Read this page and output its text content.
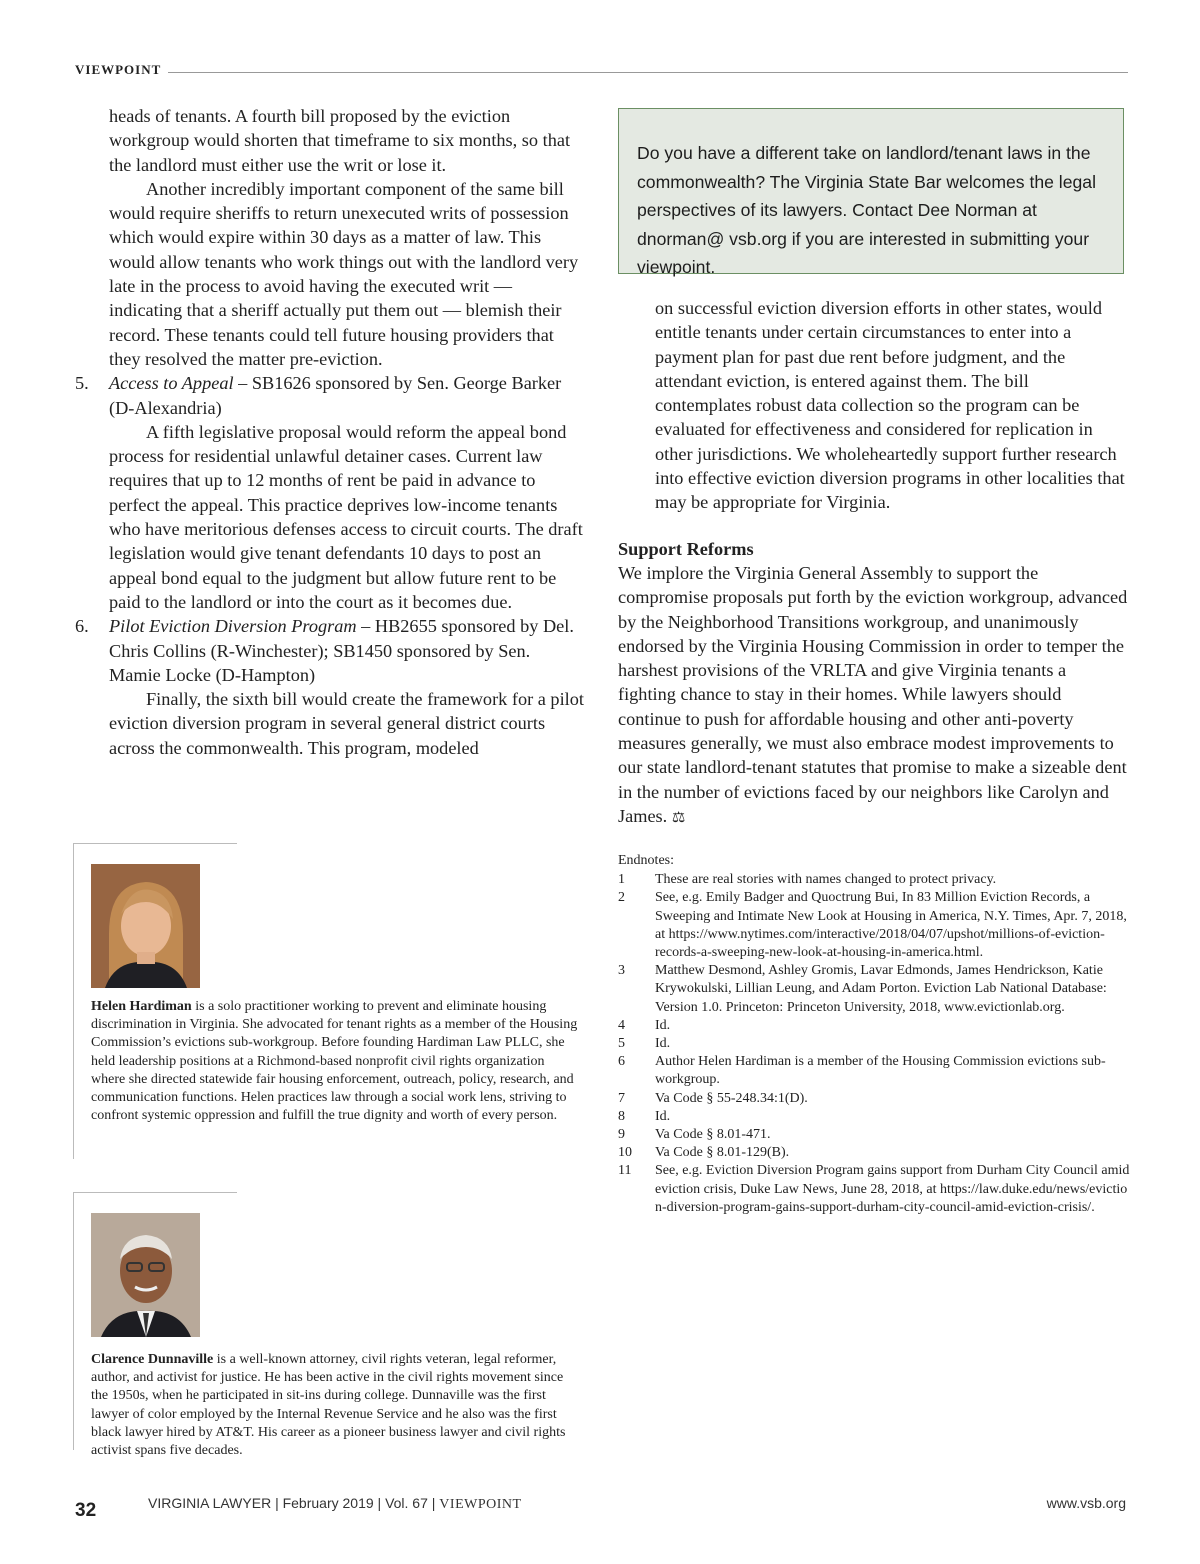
VIEWPOINT

heads of tenants. A fourth bill proposed by the eviction workgroup would shorten that timeframe to six months, so that the landlord must either use the writ or lose it.

Another incredibly important component of the same bill would require sheriffs to return unexecuted writs of possession which would expire within 30 days as a matter of law. This would allow tenants who work things out with the landlord very late in the process to avoid having the executed writ — indicating that a sheriff actually put them out — blemish their record. These tenants could tell future housing providers that they resolved the matter pre-eviction.

5.	Access to Appeal – SB1626 sponsored by Sen. George Barker (D-Alexandria)

A fifth legislative proposal would reform the appeal bond process for residential unlawful detainer cases. Current law requires that up to 12 months of rent be paid in advance to perfect the appeal. This practice deprives low-income tenants who have meritorious defenses access to circuit courts. The draft legislation would give tenant defendants 10 days to post an appeal bond equal to the judgment but allow future rent to be paid to the landlord or into the court as it becomes due.

6.	Pilot Eviction Diversion Program – HB2655 sponsored by Del. Chris Collins (R-Winchester); SB1450 sponsored by Sen. Mamie Locke (D-Hampton)

Finally, the sixth bill would create the framework for a pilot eviction diversion program in several general district courts across the commonwealth. This program, modeled

Do you have a different take on landlord/tenant laws in the commonwealth? The Virginia State Bar welcomes the legal perspectives of its lawyers. Contact Dee Norman at dnorman@ vsb.org if you are interested in submitting your viewpoint.

on successful eviction diversion efforts in other states, would entitle tenants under certain circumstances to enter into a payment plan for past due rent before judgment, and the attendant eviction, is entered against them. The bill contemplates robust data collection so the program can be evaluated for effectiveness and considered for replication in other jurisdictions. We wholeheartedly support further research into effective eviction diversion programs in other localities that may be appropriate for Virginia.

Support Reforms

We implore the Virginia General Assembly to support the compromise proposals put forth by the eviction workgroup, advanced by the Neighborhood Transitions workgroup, and unanimously endorsed by the Virginia Housing Commission in order to temper the harshest provisions of the VRLTA and give Virginia tenants a fighting chance to stay in their homes. While lawyers should continue to push for affordable housing and other anti-poverty measures generally, we must also embrace modest improvements to our state landlord-tenant statutes that promise to make a sizeable dent in the number of evictions faced by our neighbors like Carolyn and James. ⚖

Endnotes:
1	These are real stories with names changed to protect privacy.
2	See, e.g. Emily Badger and Quoctrung Bui, In 83 Million Eviction Records, a Sweeping and Intimate New Look at Housing in America, N.Y. Times, Apr. 7, 2018, at https://www.nytimes.com/interactive/2018/04/07/upshot/millions-of-eviction-records-a-sweeping-new-look-at-housing-in-america.html.
3	Matthew Desmond, Ashley Gromis, Lavar Edmonds, James Hendrickson, Katie Krywokulski, Lillian Leung, and Adam Porton. Eviction Lab National Database: Version 1.0. Princeton: Princeton University, 2018, www.evictionlab.org.
4	Id.
5	Id.
6	Author Helen Hardiman is a member of the Housing Commission evictions sub-workgroup.
7	Va Code § 55-248.34:1(D).
8	Id.
9	Va Code § 8.01-471.
10	Va Code § 8.01-129(B).
11	See, e.g. Eviction Diversion Program gains support from Durham City Council amid eviction crisis, Duke Law News, June 28, 2018, at https://law.duke.edu/news/eviction-diversion-program-gains-support-durham-city-council-amid-eviction-crisis/.
Helen Hardiman is a solo practitioner working to prevent and eliminate housing discrimination in Virginia. She advocated for tenant rights as a member of the Housing Commission’s evictions sub-workgroup. Before founding Hardiman Law PLLC, she held leadership positions at a Richmond-based nonprofit civil rights organization where she directed statewide fair housing enforcement, outreach, policy, research, and communication functions. Helen practices law through a social work lens, striving to confront systemic oppression and fulfill the true dignity and worth of every person.
Clarence Dunnaville is a well-known attorney, civil rights veteran, legal reformer, author, and activist for justice. He has been active in the civil rights movement since the 1950s, when he participated in sit-ins during college. Dunnaville was the first lawyer of color employed by the Internal Revenue Service and he also was the first black lawyer hired by AT&T. His career as a pioneer business lawyer and civil rights activist spans five decades.
32	VIRGINIA LAWYER | February 2019 | Vol. 67 | VIEWPOINT	www.vsb.org
